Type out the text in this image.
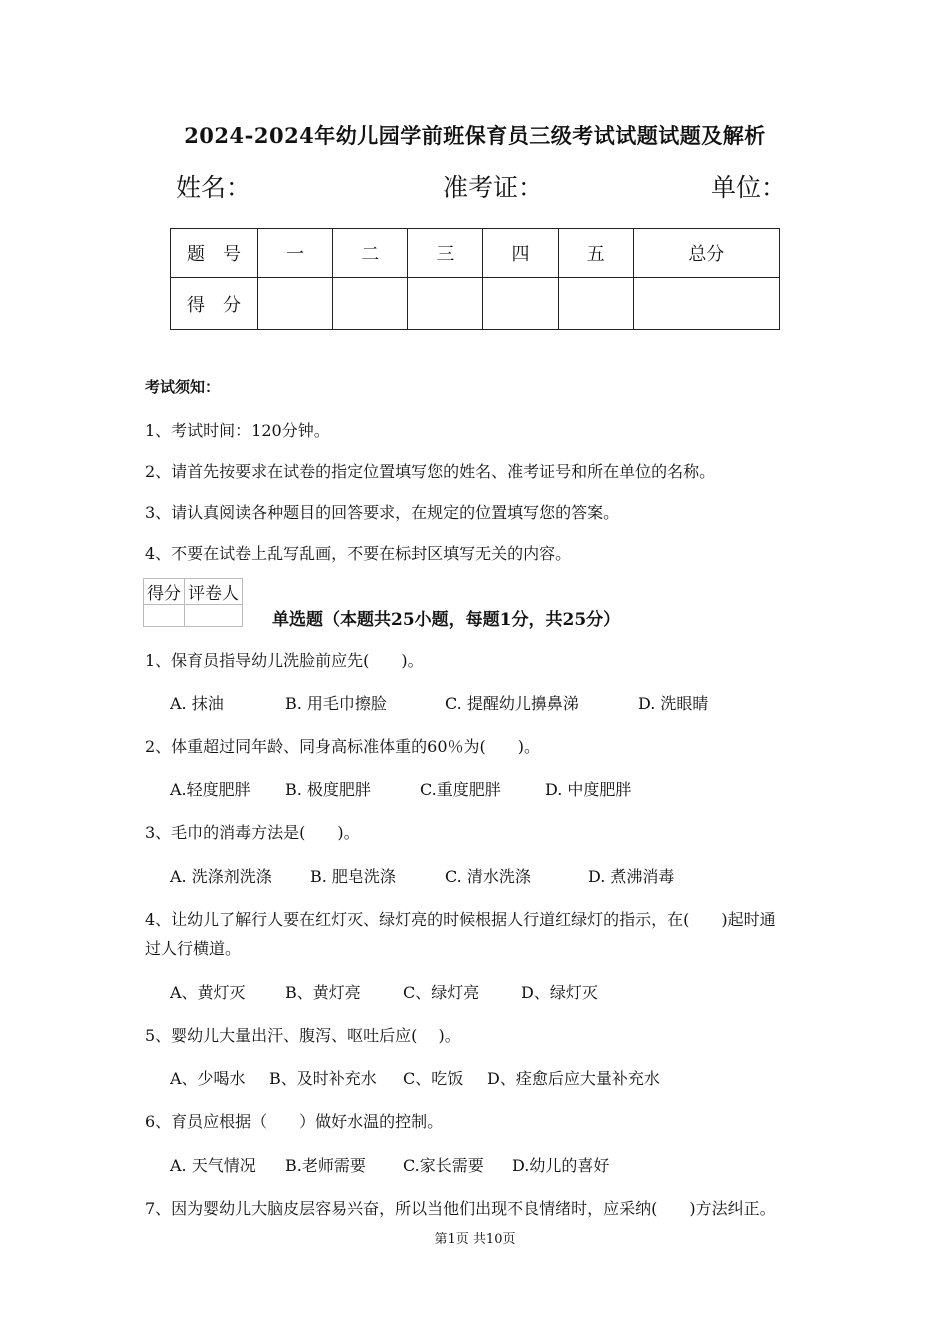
2024-2024年幼儿园学前班保育员三级考试试题试题及解析
姓名：	准考证：	单位：
题　号	一	二	三	四	五	总分
得　分						
考试须知：
1、考试时间：120分钟。
2、请首先按要求在试卷的指定位置填写您的姓名、准考证号和所在单位的名称。
3、请认真阅读各种题目的回答要求，在规定的位置填写您的答案。
4、不要在试卷上乱写乱画，不要在标封区填写无关的内容。
得分	评卷人

单选题（本题共25小题，每题1分，共25分）
1、保育员指导幼儿洗脸前应先(　　)。
A. 抹油	B. 用毛巾擦脸	C. 提醒幼儿擤鼻涕	D. 洗眼睛
2、体重超过同年龄、同身高标准体重的60％为(　　)。
A.轻度肥胖 B. 极度肥胖	C.重度肥胖	D. 中度肥胖
3、毛巾的消毒方法是(　　)。
A. 洗涤剂洗涤 B. 肥皂洗涤	C. 清水洗涤	D. 煮沸消毒
4、让幼儿了解行人要在红灯灭、绿灯亮的时候根据人行道红绿灯的指示，在(　　)起时通
过人行横道。
A、黄灯灭 B、黄灯亮	C、绿灯亮	D、绿灯灭
5、婴幼儿大量出汗、腹泻、呕吐后应(　 )。
A、少喝水 B、及时补充水 C、吃饭 D、痊愈后应大量补充水
6、育员应根据（　　）做好水温的控制。
A. 天气情况 B.老师需要 C.家长需要 D.幼儿的喜好
7、因为婴幼儿大脑皮层容易兴奋，所以当他们出现不良情绪时，应采纳(　　)方法纠正。
第1页 共10页
